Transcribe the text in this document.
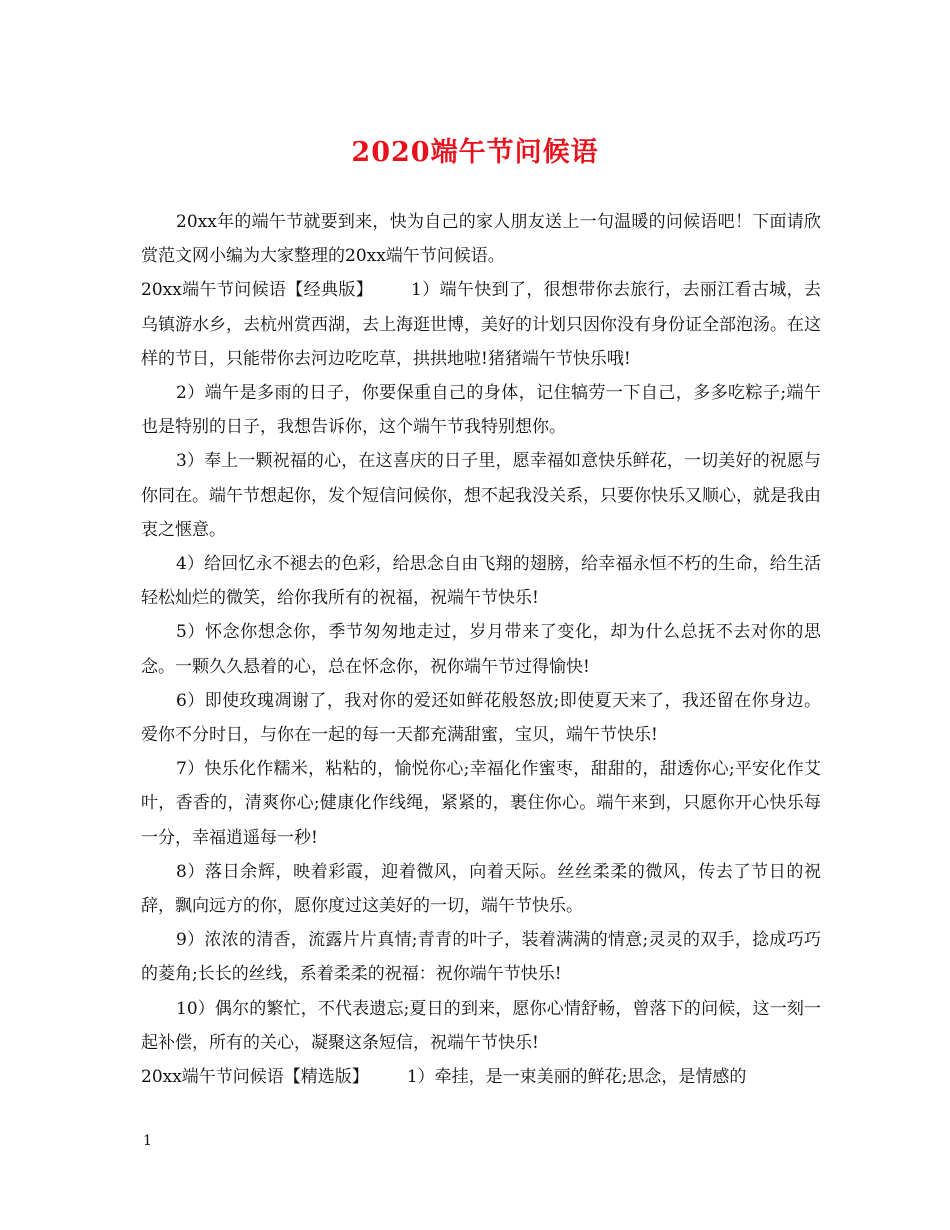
2020端午节问候语

20xx年的端午节就要到来，快为自己的家人朋友送上一句温暖的问候语吧！下面请欣赏范文网小编为大家整理的20xx端午节问候语。

20xx端午节问候语【经典版】 1）端午快到了，很想带你去旅行，去丽江看古城，去乌镇游水乡，去杭州赏西湖，去上海逛世博，美好的计划只因你没有身份证全部泡汤。在这样的节日，只能带你去河边吃吃草，拱拱地啦!猪猪端午节快乐哦!

2）端午是多雨的日子，你要保重自己的身体，记住犒劳一下自己，多多吃粽子;端午也是特别的日子，我想告诉你，这个端午节我特别想你。

3）奉上一颗祝福的心，在这喜庆的日子里，愿幸福如意快乐鲜花，一切美好的祝愿与你同在。端午节想起你，发个短信问候你，想不起我没关系，只要你快乐又顺心，就是我由衷之惬意。

4）给回忆永不褪去的色彩，给思念自由飞翔的翅膀，给幸福永恒不朽的生命，给生活轻松灿烂的微笑，给你我所有的祝福，祝端午节快乐!

5）怀念你想念你，季节匆匆地走过，岁月带来了变化，却为什么总抚不去对你的思念。一颗久久悬着的心，总在怀念你，祝你端午节过得愉快!

6）即使玫瑰凋谢了，我对你的爱还如鲜花般怒放;即使夏天来了，我还留在你身边。爱你不分时日，与你在一起的每一天都充满甜蜜，宝贝，端午节快乐!

7）快乐化作糯米，粘粘的，愉悦你心;幸福化作蜜枣，甜甜的，甜透你心;平安化作艾叶，香香的，清爽你心;健康化作线绳，紧紧的，裹住你心。端午来到，只愿你开心快乐每一分，幸福逍遥每一秒!

8）落日余辉，映着彩霞，迎着微风，向着天际。丝丝柔柔的微风，传去了节日的祝辞，飘向远方的你，愿你度过这美好的一切，端午节快乐。

9）浓浓的清香，流露片片真情;青青的叶子，装着满满的情意;灵灵的双手，捻成巧巧的菱角;长长的丝线，系着柔柔的祝福：祝你端午节快乐!

10）偶尔的繁忙，不代表遗忘;夏日的到来，愿你心情舒畅，曾落下的问候，这一刻一起补偿，所有的关心，凝聚这条短信，祝端午节快乐!

20xx端午节问候语【精选版】 1）牵挂，是一束美丽的鲜花;思念，是情感的

1
